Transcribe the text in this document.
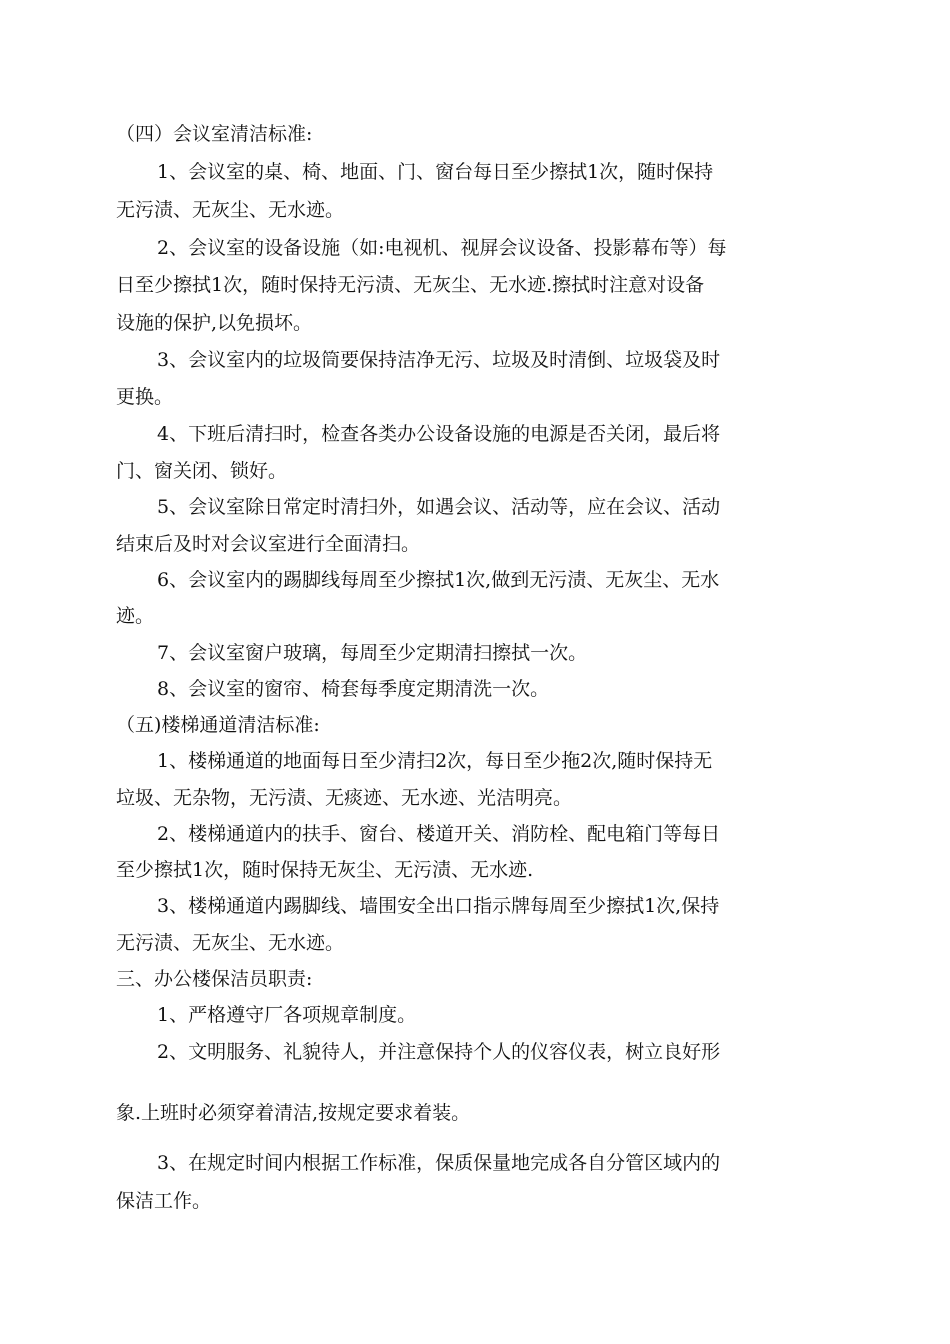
（四）会议室清洁标准:
1、会议室的桌、椅、地面、门、窗台每日至少擦拭1次，随时保持
无污渍、无灰尘、无水迹。
2、会议室的设备设施（如:电视机、视屏会议设备、投影幕布等）每
日至少擦拭1次，随时保持无污渍、无灰尘、无水迹.擦拭时注意对设备
设施的保护,以免损坏。
3、会议室内的垃圾筒要保持洁净无污、垃圾及时清倒、垃圾袋及时
更换。
4、下班后清扫时，检查各类办公设备设施的电源是否关闭，最后将
门、窗关闭、锁好。
5、会议室除日常定时清扫外，如遇会议、活动等，应在会议、活动
结束后及时对会议室进行全面清扫。
6、会议室内的踢脚线每周至少擦拭1次,做到无污渍、无灰尘、无水
迹。
7、会议室窗户玻璃，每周至少定期清扫擦拭一次。
8、会议室的窗帘、椅套每季度定期清洗一次。
（五)楼梯通道清洁标准:
1、楼梯通道的地面每日至少清扫2次，每日至少拖2次,随时保持无
垃圾、无杂物，无污渍、无痰迹、无水迹、光洁明亮。
2、楼梯通道内的扶手、窗台、楼道开关、消防栓、配电箱门等每日
至少擦拭1次，随时保持无灰尘、无污渍、无水迹.
3、楼梯通道内踢脚线、墙围安全出口指示牌每周至少擦拭1次,保持
无污渍、无灰尘、无水迹。
三、办公楼保洁员职责:
1、严格遵守厂各项规章制度。
2、文明服务、礼貌待人，并注意保持个人的仪容仪表，树立良好形
象.上班时必须穿着清洁,按规定要求着装。
3、在规定时间内根据工作标准，保质保量地完成各自分管区域内的
保洁工作。
